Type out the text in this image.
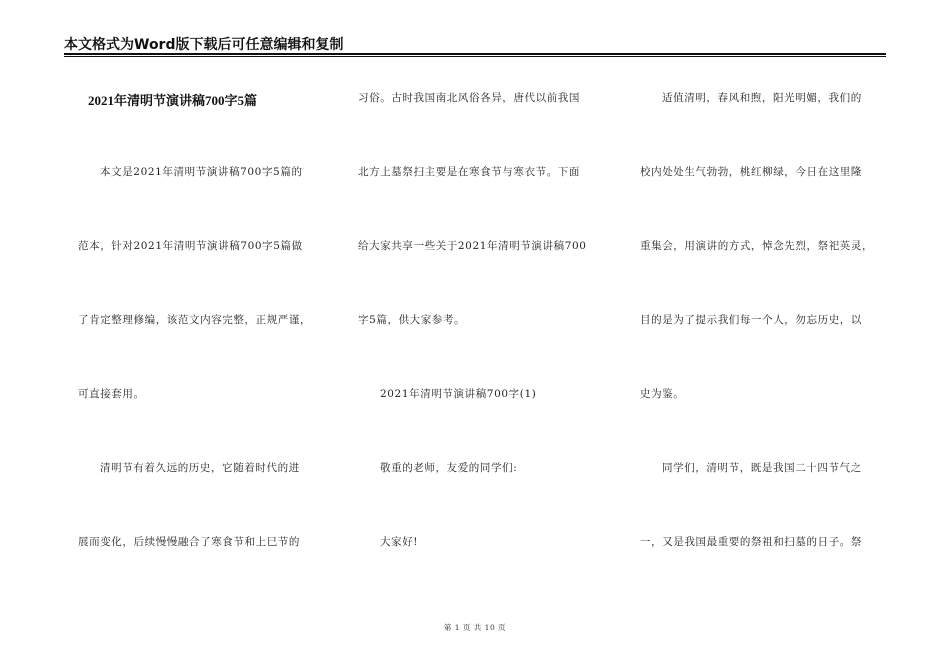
本文格式为Word版下载后可任意编辑和复制
2021年清明节演讲稿700字5篇
本文是2021年清明节演讲稿700字5篇的
范本，针对2021年清明节演讲稿700字5篇做
了肯定整理修编，该范文内容完整，正规严谨，
可直接套用。
清明节有着久远的历史，它随着时代的进
展而变化，后续慢慢融合了寒食节和上巳节的
习俗。古时我国南北风俗各异，唐代以前我国
北方上墓祭扫主要是在寒食节与寒衣节。下面
给大家共享一些关于2021年清明节演讲稿700
字5篇，供大家参考。
2021年清明节演讲稿700字(1)
敬重的老师，友爱的同学们:
大家好!
适值清明，春风和煦，阳光明媚，我们的
校内处处生气勃勃，桃红柳绿，今日在这里隆
重集会，用演讲的方式，悼念先烈，祭祀英灵，
目的是为了提示我们每一个人，勿忘历史，以
史为鉴。
同学们，清明节，既是我国二十四节气之
一，又是我国最重要的祭祖和扫墓的日子。祭
第 1 页 共 10 页
